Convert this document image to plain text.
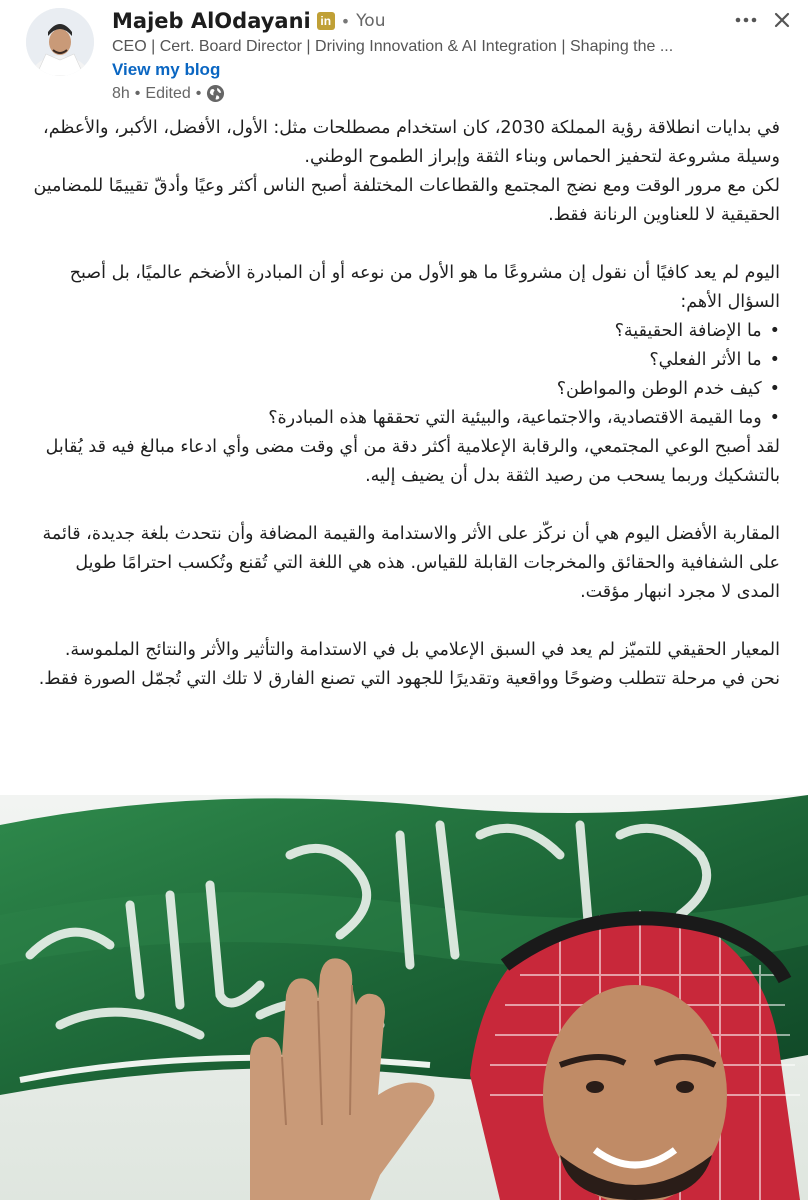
Majeb AlOdayani in • You
CEO | Cert. Board Director | Driving Innovation & AI Integration | Shaping the ...
View my blog
8h • Edited •

في بدايات انطلاقة رؤية المملكة 2030، كان استخدام مصطلحات مثل: الأول، الأفضل، الأكبر، والأعظم، وسيلة مشروعة لتحفيز الحماس وبناء الثقة وإبراز الطموح الوطني.

لكن مع مرور الوقت ومع نضج المجتمع والقطاعات المختلفة أصبح الناس أكثر وعيًا وأدقّ تقييمًا للمضامين الحقيقية لا للعناوين الرنانة فقط.

اليوم لم يعد كافيًا أن نقول إن مشروعًا ما هو الأول من نوعه أو أن المبادرة الأضخم عالميًا، بل أصبح السؤال الأهم:

•ما الإضافة الحقيقية؟

•ما الأثر الفعلي؟

•كيف خدم الوطن والمواطن؟

•وما القيمة الاقتصادية، والاجتماعية، والبيئية التي تحققها هذه المبادرة؟

لقد أصبح الوعي المجتمعي، والرقابة الإعلامية أكثر دقة من أي وقت مضى وأي ادعاء مبالغ فيه قد يُقابل بالتشكيك وربما يسحب من رصيد الثقة بدل أن يضيف إليه.

المقاربة الأفضل اليوم هي أن نركّز على الأثر والاستدامة والقيمة المضافة وأن نتحدث بلغة جديدة، قائمة على الشفافية والحقائق والمخرجات القابلة للقياس. هذه هي اللغة التي تُقنع وتُكسب احترامًا طويل المدى لا مجرد انبهار مؤقت.

المعيار الحقيقي للتميّز لم يعد في السبق الإعلامي بل في الاستدامة والتأثير والأثر والنتائج الملموسة.

نحن في مرحلة تتطلب وضوحًا وواقعية وتقديرًا للجهود التي تصنع الفارق لا تلك التي تُجمّل الصورة فقط.
